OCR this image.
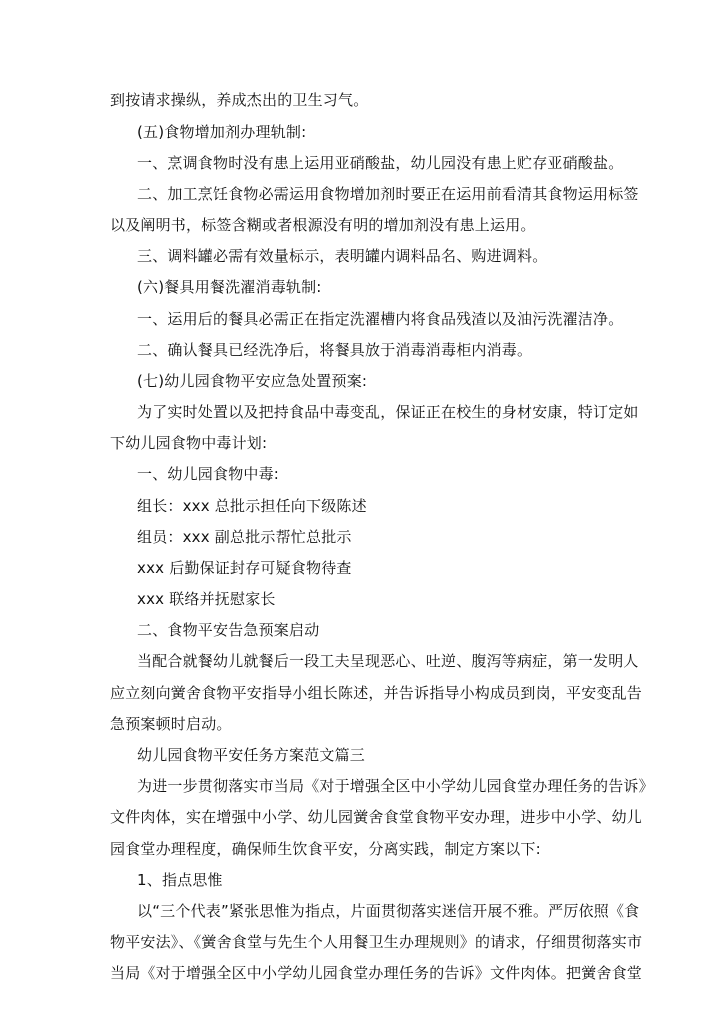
到按请求操纵，养成杰出的卫生习气。
(五)食物增加剂办理轨制:
一、烹调食物时没有患上运用亚硝酸盐，幼儿园没有患上贮存亚硝酸盐。
二、加工烹饪食物必需运用食物增加剂时要正在运用前看清其食物运用标签
以及阐明书，标签含糊或者根源没有明的增加剂没有患上运用。
三、调料罐必需有效量标示，表明罐内调料品名、购进调料。
(六)餐具用餐洗濯消毒轨制:
一、运用后的餐具必需正在指定洗濯槽内将食品残渣以及油污洗濯洁净。
二、确认餐具已经洗净后，将餐具放于消毒消毒柜内消毒。
(七)幼儿园食物平安应急处置预案:
为了实时处置以及把持食品中毒变乱，保证正在校生的身材安康，特订定如
下幼儿园食物中毒计划:
一、幼儿园食物中毒:
组长：xxx 总批示担任向下级陈述
组员：xxx 副总批示帮忙总批示
xxx 后勤保证封存可疑食物待查
xxx 联络并抚慰家长
二、食物平安告急预案启动
当配合就餐幼儿就餐后一段工夫呈现恶心、吐逆、腹泻等病症，第一发明人
应立刻向黉舍食物平安指导小组长陈述，并告诉指导小构成员到岗，平安变乱告
急预案顿时启动。
幼儿园食物平安任务方案范文篇三
为进一步贯彻落实市当局《对于增强全区中小学幼儿园食堂办理任务的告诉》
文件肉体，实在增强中小学、幼儿园黉舍食堂食物平安办理，进步中小学、幼儿
园食堂办理程度，确保师生饮食平安，分离实践，制定方案以下:
1、指点思惟
以“三个代表”紧张思惟为指点，片面贯彻落实迷信开展不雅。严厉依照《食
物平安法》、《黉舍食堂与先生个人用餐卫生办理规则》的请求，仔细贯彻落实市
当局《对于增强全区中小学幼儿园食堂办理任务的告诉》文件肉体。把黉舍食堂
